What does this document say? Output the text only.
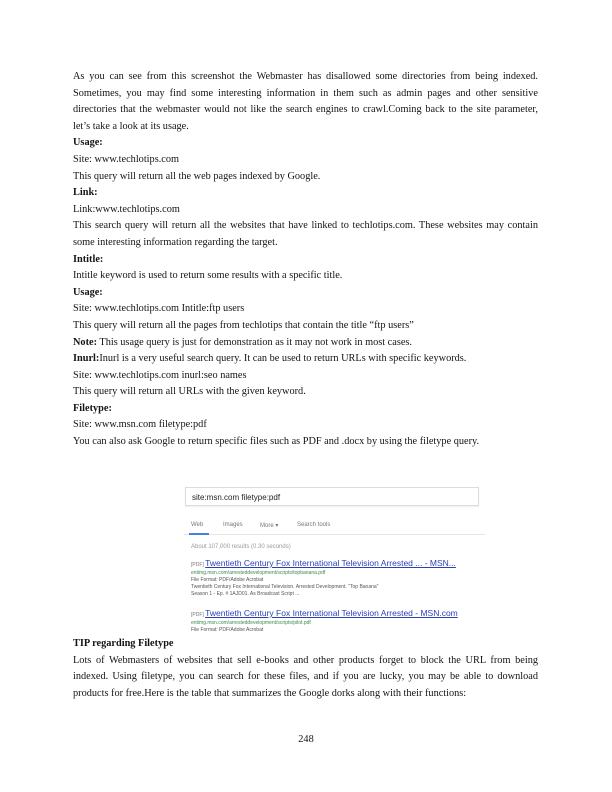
As you can see from this screenshot the Webmaster has disallowed some directories from being indexed. Sometimes, you may find some interesting information in them such as admin pages and other sensitive directories that the webmaster would not like the search engines to crawl.Coming back to the site parameter, let’s take a look at its usage.

Usage:

Site: www.techlotips.com

This query will return all the web pages indexed by Google.

Link:

Link:www.techlotips.com

This search query will return all the websites that have linked to techlotips.com. These websites may contain some interesting information regarding the target.

Intitle:

Intitle keyword is used to return some results with a specific title.

Usage:

Site: www.techlotips.com Intitle:ftp users

This query will return all the pages from techlotips that contain the title “ftp users”

Note: This usage query is just for demonstration as it may not work in most cases.

Inurl:Inurl is a very useful search query. It can be used to return URLs with specific keywords.

Site: www.techlotips.com inurl:seo names

This query will return all URLs with the given keyword.

Filetype:

Site: www.msn.com filetype:pdf

You can also ask Google to return specific files such as PDF and .docx by using the filetype query.

site:msn.com filetype:pdf
Web	Images	More ▾	Search tools
About 107,000 results (0.30 seconds)
[PDF] Twentieth Century Fox International Television Arrested ... - MSN...
entimg.msn.com/arresteddevelopment/scripts/topbanana.pdf
File Format: PDF/Adobe Acrobat
Twentieth Century Fox International Television. Arrested Development. "Top Banana"
Season 1 - Ep. # 1AJD01. As Broadcast Script ...
[PDF] Twentieth Century Fox International Television Arrested - MSN.com
entimg.msn.com/arresteddevelopment/scripts/pilot.pdf
File Format: PDF/Adobe Acrobat

TIP regarding Filetype

Lots of Webmasters of websites that sell e-books and other products forget to block the URL from being indexed. Using filetype, you can search for these files, and if you are lucky, you may be able to download products for free.Here is the table that summarizes the Google dorks along with their functions:

248
